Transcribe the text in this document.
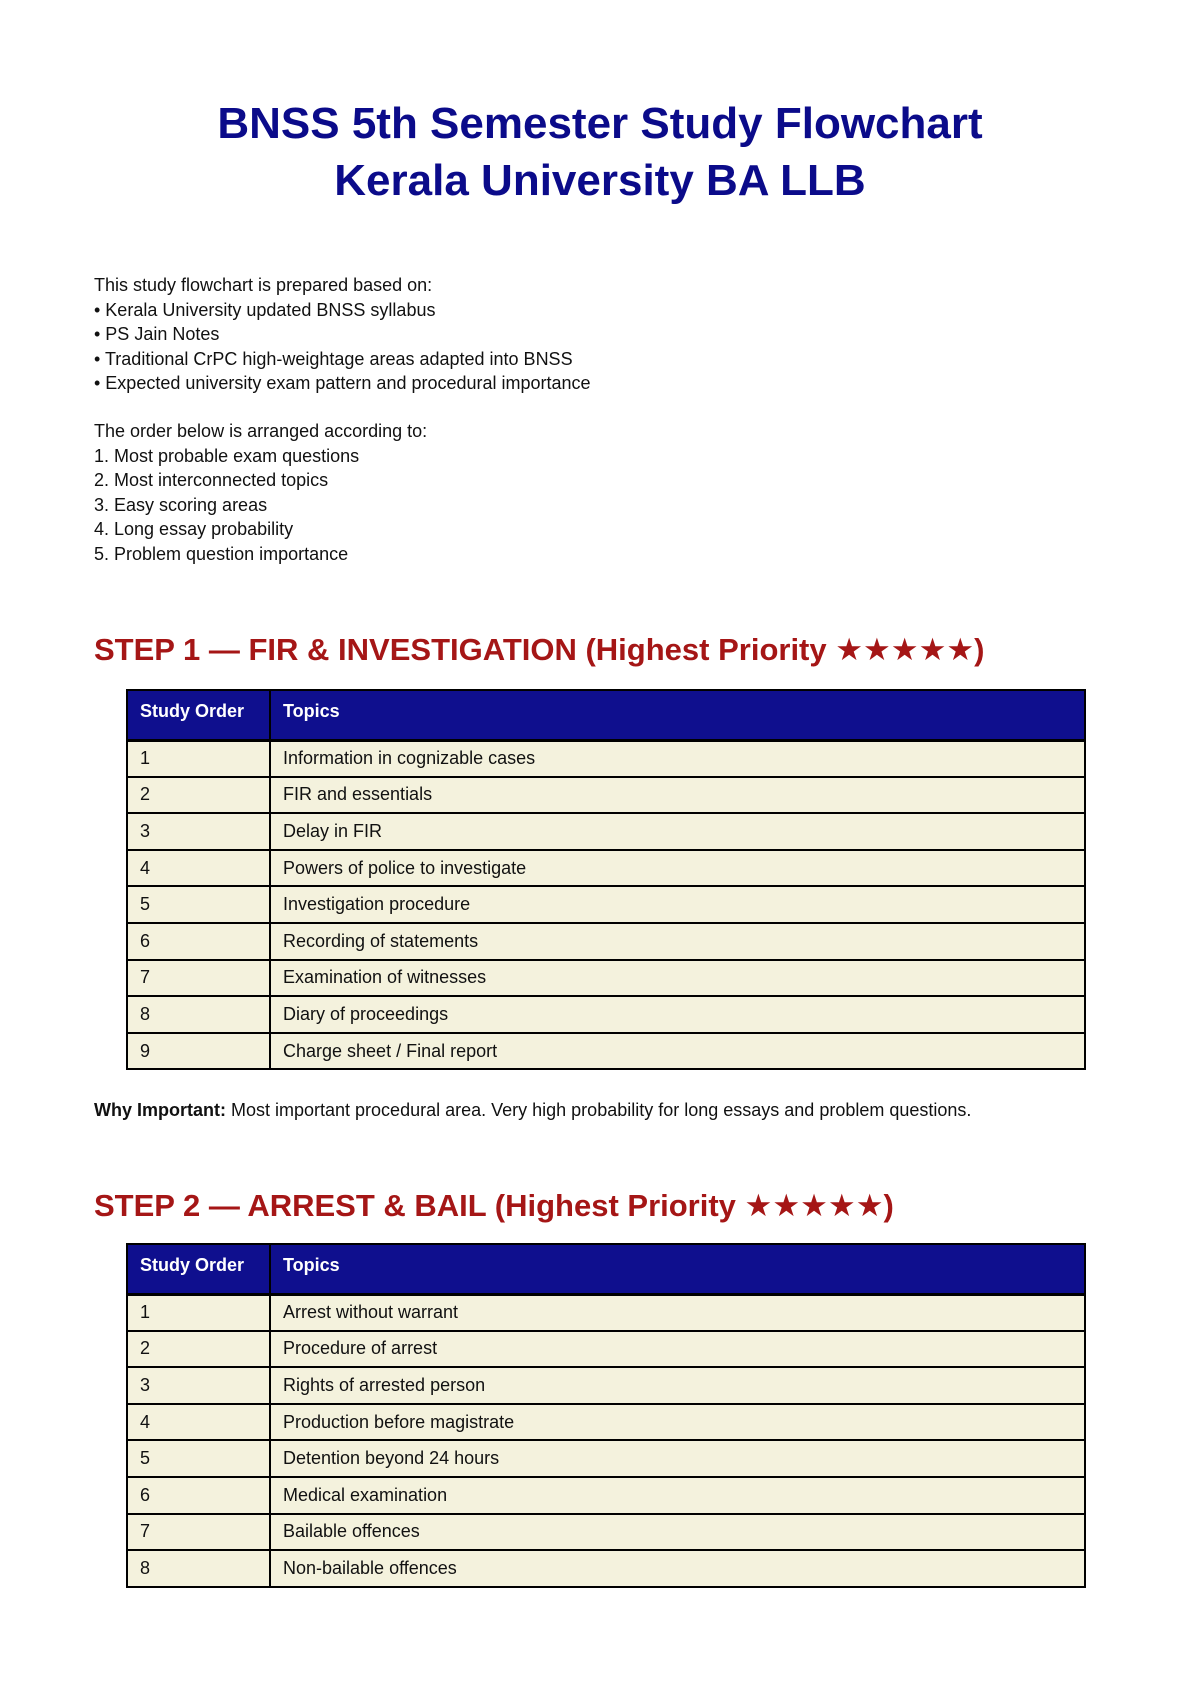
BNSS 5th Semester Study Flowchart
Kerala University BA LLB
This study flowchart is prepared based on:
• Kerala University updated BNSS syllabus
• PS Jain Notes
• Traditional CrPC high-weightage areas adapted into BNSS
• Expected university exam pattern and procedural importance
The order below is arranged according to:
1. Most probable exam questions
2. Most interconnected topics
3. Easy scoring areas
4. Long essay probability
5. Problem question importance
STEP 1 — FIR & INVESTIGATION (Highest Priority ★★★★★)
Study Order	Topics
1	Information in cognizable cases
2	FIR and essentials
3	Delay in FIR
4	Powers of police to investigate
5	Investigation procedure
6	Recording of statements
7	Examination of witnesses
8	Diary of proceedings
9	Charge sheet / Final report
Why Important: Most important procedural area. Very high probability for long essays and problem questions.
STEP 2 — ARREST & BAIL (Highest Priority ★★★★★)
Study Order	Topics
1	Arrest without warrant
2	Procedure of arrest
3	Rights of arrested person
4	Production before magistrate
5	Detention beyond 24 hours
6	Medical examination
7	Bailable offences
8	Non-bailable offences
